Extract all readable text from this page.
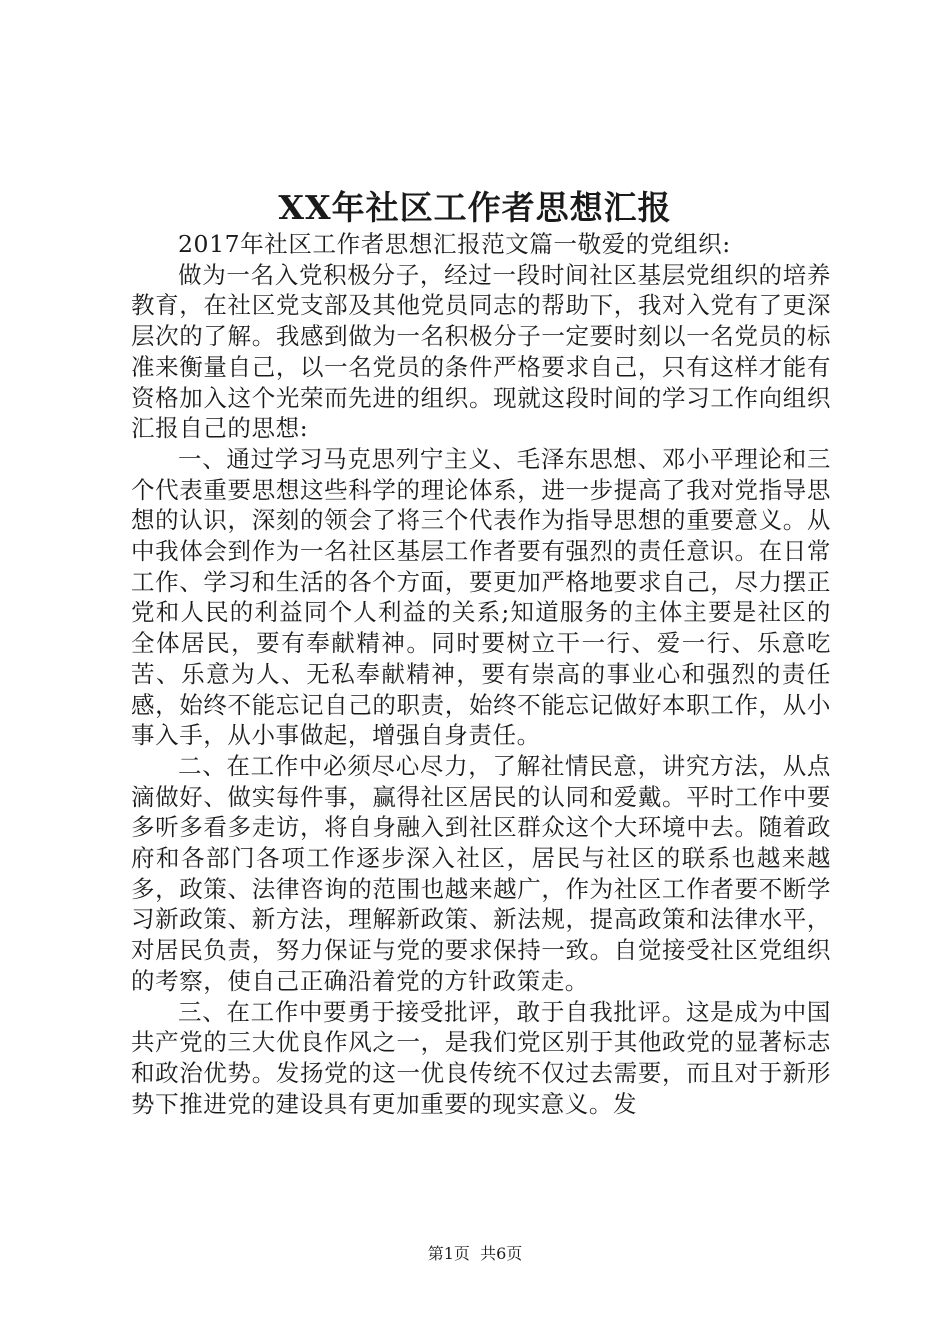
XX年社区工作者思想汇报

2017年社区工作者思想汇报范文篇一敬爱的党组织:

做为一名入党积极分子，经过一段时间社区基层党组织的培养教育，在社区党支部及其他党员同志的帮助下，我对入党有了更深层次的了解。我感到做为一名积极分子一定要时刻以一名党员的标准来衡量自己，以一名党员的条件严格要求自己，只有这样才能有资格加入这个光荣而先进的组织。现就这段时间的学习工作向组织汇报自己的思想:

一、通过学习马克思列宁主义、毛泽东思想、邓小平理论和三个代表重要思想这些科学的理论体系，进一步提高了我对党指导思想的认识，深刻的领会了将三个代表作为指导思想的重要意义。从中我体会到作为一名社区基层工作者要有强烈的责任意识。在日常工作、学习和生活的各个方面，要更加严格地要求自己，尽力摆正党和人民的利益同个人利益的关系;知道服务的主体主要是社区的全体居民，要有奉献精神。同时要树立干一行、爱一行、乐意吃苦、乐意为人、无私奉献精神，要有崇高的事业心和强烈的责任感，始终不能忘记自己的职责，始终不能忘记做好本职工作，从小事入手，从小事做起，增强自身责任。

二、在工作中必须尽心尽力，了解社情民意，讲究方法，从点滴做好、做实每件事，赢得社区居民的认同和爱戴。平时工作中要多听多看多走访，将自身融入到社区群众这个大环境中去。随着政府和各部门各项工作逐步深入社区，居民与社区的联系也越来越多，政策、法律咨询的范围也越来越广，作为社区工作者要不断学习新政策、新方法，理解新政策、新法规，提高政策和法律水平，对居民负责，努力保证与党的要求保持一致。自觉接受社区党组织的考察，使自己正确沿着党的方针政策走。

三、在工作中要勇于接受批评，敢于自我批评。这是成为中国共产党的三大优良作风之一，是我们党区别于其他政党的显著标志和政治优势。发扬党的这一优良传统不仅过去需要，而且对于新形势下推进党的建设具有更加重要的现实意义。发

第1页 共6页
